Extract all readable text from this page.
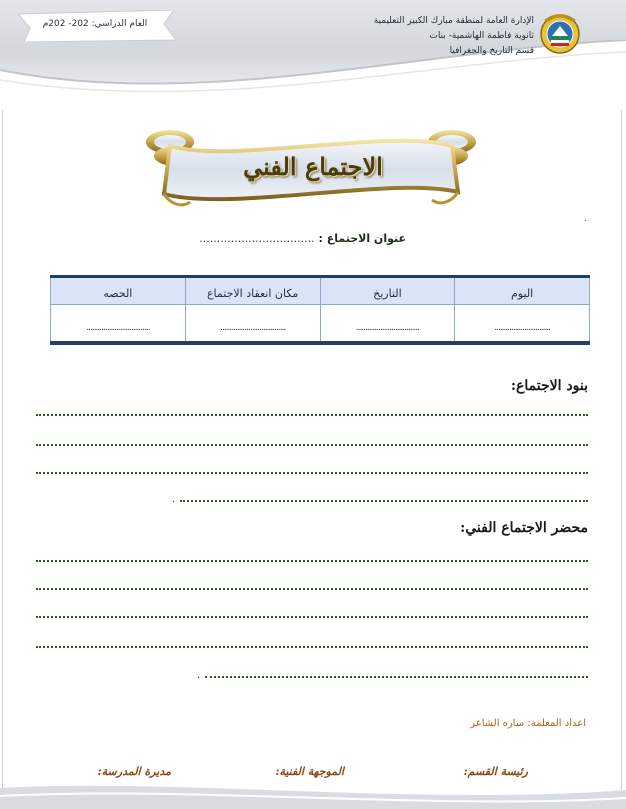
الإدارة العامة لمنطقة مبارك الكبير التعليمية
ثانوية فاطمة الهاشمية- بنات
قسم التاريخ والجغرافيا
العام الدراسي: 202- 202م
الاجتماع الفني
.
عنوان الاجتماع : .................................
اليوم	التاريخ	مكان انعقاد الاجتماع	الحصه
..............................	..................................	...................................	..................................
بنود الاجتماع:
.
محضر الاجتماع الفني:
.
اعداد المعلمة: ساره الشاعر
رئيسة القسم:
الموجهة الفنية:
مديرة المدرسة:
